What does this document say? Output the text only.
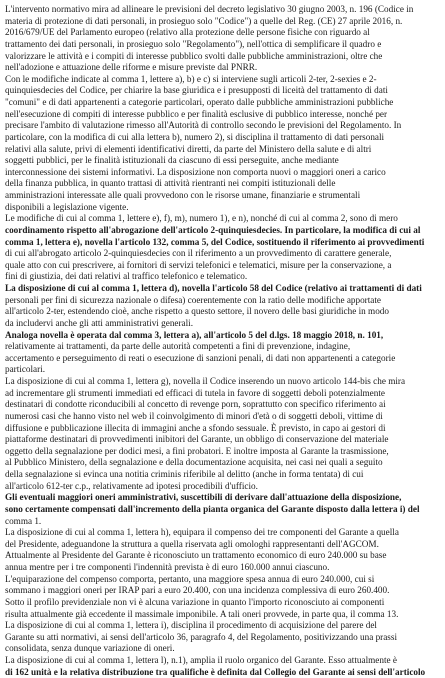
L'intervento normativo mira ad allineare le previsioni del decreto legislativo 30 giugno 2003, n. 196 (Codice in
materia di protezione di dati personali, in prosieguo solo "Codice") a quelle del Reg. (CE) 27 aprile 2016, n.
2016/679/UE del Parlamento europeo (relativo alla protezione delle persone fisiche con riguardo al
trattamento dei dati personali, in prosieguo solo "Regolamento"), nell'ottica di semplificare il quadro e
valorizzare le attività e i compiti di interesse pubblico svolti dalle pubbliche amministrazioni, oltre che
nell'adozione e attuazione delle riforme e misure previste dal PNRR.
Con le modifiche indicate al comma 1, lettere a), b) e c) si interviene sugli articoli 2-ter, 2-sexies e 2-
quinquiesdecies del Codice, per chiarire la base giuridica e i presupposti di liceità del trattamento di dati
"comuni" e di dati appartenenti a categorie particolari, operato dalle pubbliche amministrazioni pubbliche
nell'esecuzione di compiti di interesse pubblico e per finalità esclusive di pubblico interesse, nonché per
precisare l'ambito di valutazione rimesso all'Autorità di controllo secondo le previsioni del Regolamento. In
particolare, con la modifica di cui alla lettera b), numero 2), si disciplina il trattamento di dati personali
relativi alla salute, privi di elementi identificativi diretti, da parte del Ministero della salute e di altri
soggetti pubblici, per le finalità istituzionali da ciascuno di essi perseguite, anche mediante
interconnessione dei sistemi informativi. La disposizione non comporta nuovi o maggiori oneri a carico
della finanza pubblica, in quanto trattasi di attività rientranti nei compiti istituzionali delle
amministrazioni interessate alle quali provvedono con le risorse umane, finanziarie e strumentali
disponibili a legislazione vigente.
Le modifiche di cui al comma 1, lettere e), f), m), numero 1), e n), nonché di cui al comma 2, sono di mero
coordinamento rispetto all'abrogazione dell'articolo 2-quinquiesdecies. In particolare, la modifica di cui al
comma 1, lettera e), novella l'articolo 132, comma 5, del Codice, sostituendo il riferimento ai provvedimenti
di cui all'abrogato articolo 2-quinquiesdecies con il riferimento a un provvedimento di carattere generale,
quale atto con cui prescrivere, ai fornitori di servizi telefonici e telematici, misure per la conservazione, a
fini di giustizia, dei dati relativi al traffico telefonico e telematico.
La disposizione di cui al comma 1, lettera d), novella l'articolo 58 del Codice (relativo ai trattamenti di dati
personali per fini di sicurezza nazionale o difesa) coerentemente con la ratio delle modifiche apportate
all'articolo 2-ter, estendendo cioè, anche rispetto a questo settore, il novero delle basi giuridiche in modo
da includervi anche gli atti amministrativi generali.
Analoga novella è operata dal comma 3, lettera a), all'articolo 5 del d.lgs. 18 maggio 2018, n. 101,
relativamente ai trattamenti, da parte delle autorità competenti a fini di prevenzione, indagine,
accertamento e perseguimento di reati o esecuzione di sanzioni penali, di dati non appartenenti a categorie
particolari.
La disposizione di cui al comma 1, lettera g), novella il Codice inserendo un nuovo articolo 144-bis che mira
ad incrementare gli strumenti immediati ed efficaci di tutela in favore di soggetti deboli potenzialmente
destinatari di condotte riconducibili al concetto di revenge porn, soprattutto con specifico riferimento ai
numerosi casi che hanno visto nel web il coinvolgimento di minori d'età o di soggetti deboli, vittime di
diffusione e pubblicazione illecita di immagini anche a sfondo sessuale. È previsto, in capo ai gestori di
piattaforme destinatari di provvedimenti inibitori del Garante, un obbligo di conservazione del materiale
oggetto della segnalazione per dodici mesi, a fini probatori. E inoltre imposta al Garante la trasmissione,
al Pubblico Ministero, della segnalazione e della documentazione acquisita, nei casi nei quali a seguito
della segnalazione si evinca una notitia criminis riferibile al delitto (anche in forma tentata) di cui
all'articolo 612-ter c.p., relativamente ad ipotesi procedibili d'ufficio.
Gli eventuali maggiori oneri amministrativi, suscettibili di derivare dall'attuazione della disposizione,
sono certamente compensati dall'incremento della pianta organica del Garante disposto dalla lettera i) del
comma 1.
La disposizione di cui al comma 1, lettera h), equipara il compenso dei tre componenti del Garante a quella
del Presidente, adeguandone la struttura a quella riservata agli omologhi rappresentanti dell'AGCOM.
Attualmente al Presidente del Garante è riconosciuto un trattamento economico di euro 240.000 su base
annua mentre per i tre componenti l'indennità prevista è di euro 160.000 annui ciascuno.
L'equiparazione del compenso comporta, pertanto, una maggiore spesa annua di euro 240.000, cui si
sommano i maggiori oneri per IRAP pari a euro 20.400, con una incidenza complessiva di euro 260.400.
Sotto il profilo previdenziale non vi è alcuna variazione in quanto l'importo riconosciuto ai componenti
risulta attualmente già eccedente il massimale imponibile. A tali oneri provvede, in parte qua, il comma 13.
La disposizione di cui al comma 1, lettera i), disciplina il procedimento di acquisizione del parere del
Garante su atti normativi, ai sensi dell'articolo 36, paragrafo 4, del Regolamento, positivizzando una prassi
consolidata, senza dunque variazione di oneri.
La disposizione di cui al comma 1, lettera l), n.1), amplia il ruolo organico del Garante. Esso attualmente è
di 162 unità e la relativa distribuzione tra qualifiche è definita dal Collegio del Garante ai sensi dell'articolo
